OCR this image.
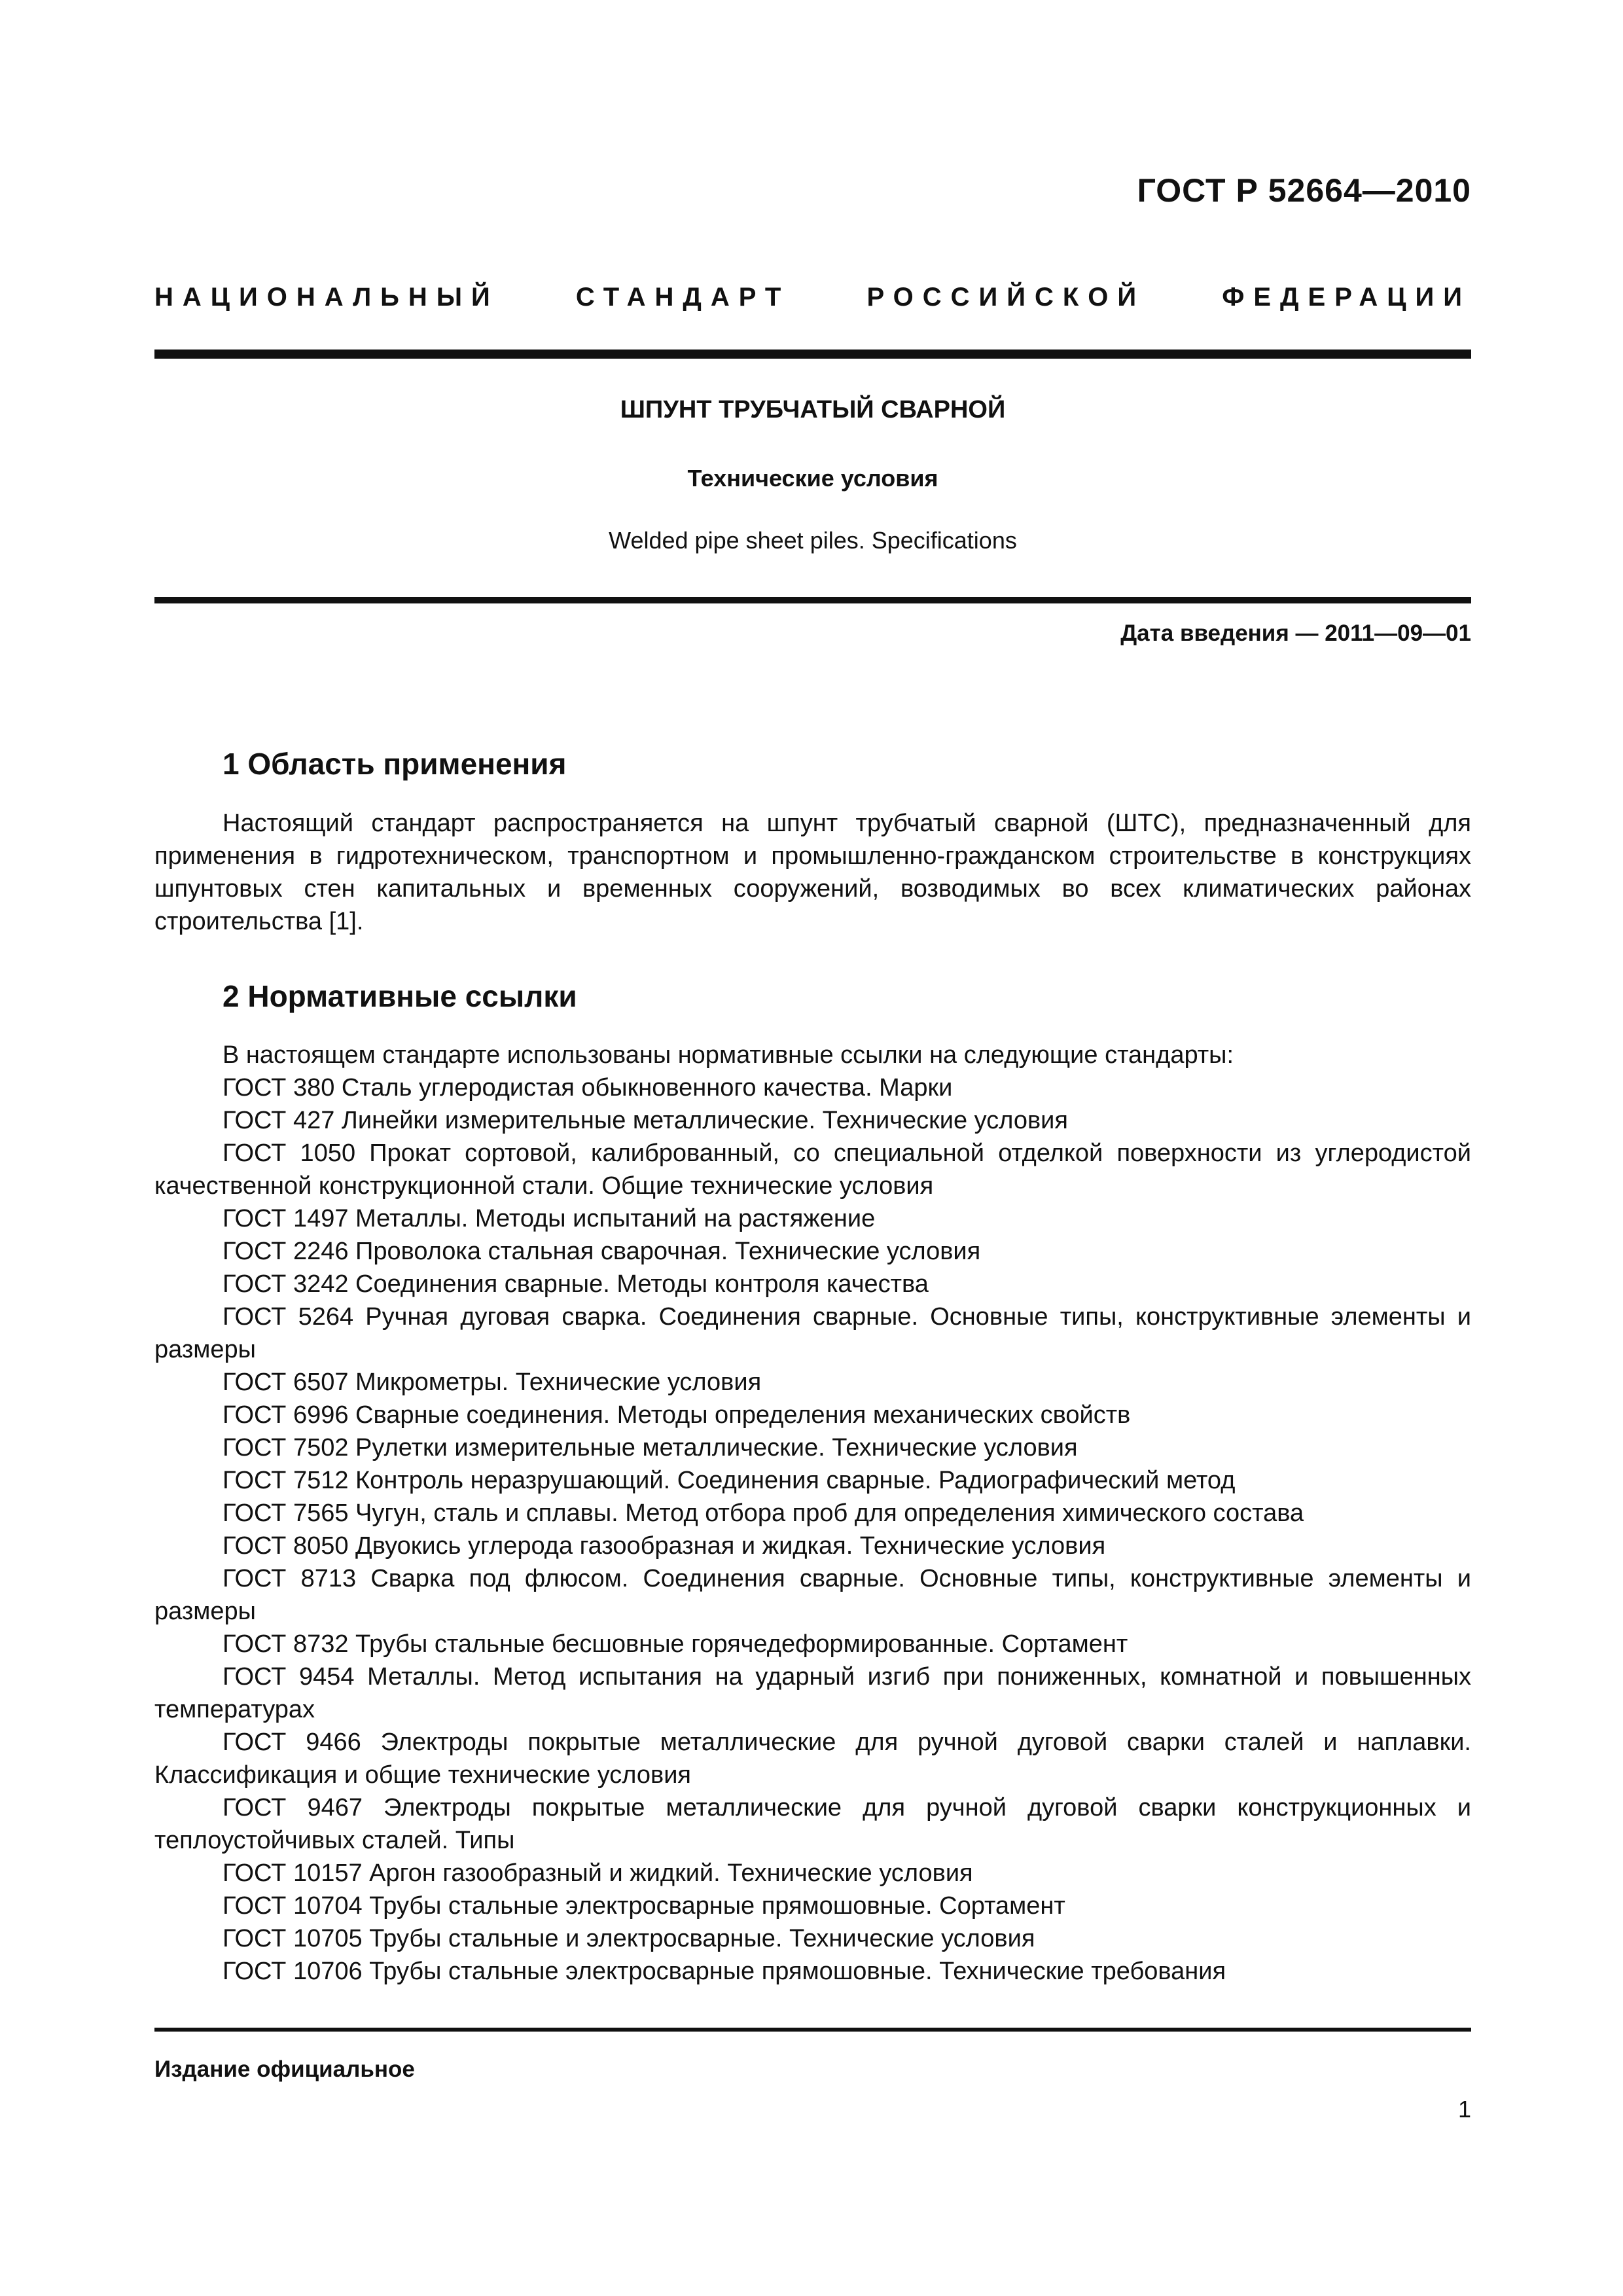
ГОСТ Р 52664—2010
НАЦИОНАЛЬНЫЙ СТАНДАРТ РОССИЙСКОЙ ФЕДЕРАЦИИ
ШПУНТ ТРУБЧАТЫЙ СВАРНОЙ
Технические условия
Welded pipe sheet piles. Specifications
Дата введения — 2011—09—01
1 Область применения
Настоящий стандарт распространяется на шпунт трубчатый сварной (ШТС), предназначенный для применения в гидротехническом, транспортном и промышленно-гражданском строительстве в конструкциях шпунтовых стен капитальных и временных сооружений, возводимых во всех климатических районах строительства [1].
2 Нормативные ссылки

В настоящем стандарте использованы нормативные ссылки на следующие стандарты:

ГОСТ 380 Сталь углеродистая обыкновенного качества. Марки

ГОСТ 427 Линейки измерительные металлические. Технические условия

ГОСТ 1050 Прокат сортовой, калиброванный, со специальной отделкой поверхности из углеродистой качественной конструкционной стали. Общие технические условия

ГОСТ 1497 Металлы. Методы испытаний на растяжение

ГОСТ 2246 Проволока стальная сварочная. Технические условия

ГОСТ 3242 Соединения сварные. Методы контроля качества

ГОСТ 5264 Ручная дуговая сварка. Соединения сварные. Основные типы, конструктивные элементы и размеры

ГОСТ 6507 Микрометры. Технические условия

ГОСТ 6996 Сварные соединения. Методы определения механических свойств

ГОСТ 7502 Рулетки измерительные металлические. Технические условия

ГОСТ 7512 Контроль неразрушающий. Соединения сварные. Радиографический метод

ГОСТ 7565 Чугун, сталь и сплавы. Метод отбора проб для определения химического состава

ГОСТ 8050 Двуокись углерода газообразная и жидкая. Технические условия

ГОСТ 8713 Сварка под флюсом. Соединения сварные. Основные типы, конструктивные элементы и размеры

ГОСТ 8732 Трубы стальные бесшовные горячедеформированные. Сортамент

ГОСТ 9454 Металлы. Метод испытания на ударный изгиб при пониженных, комнатной и повышенных температурах

ГОСТ 9466 Электроды покрытые металлические для ручной дуговой сварки сталей и наплавки. Классификация и общие технические условия

ГОСТ 9467 Электроды покрытые металлические для ручной дуговой сварки конструкционных и теплоустойчивых сталей. Типы

ГОСТ 10157 Аргон газообразный и жидкий. Технические условия

ГОСТ 10704 Трубы стальные электросварные прямошовные. Сортамент

ГОСТ 10705 Трубы стальные и электросварные. Технические условия

ГОСТ 10706 Трубы стальные электросварные прямошовные. Технические требования

Издание официальное
1
